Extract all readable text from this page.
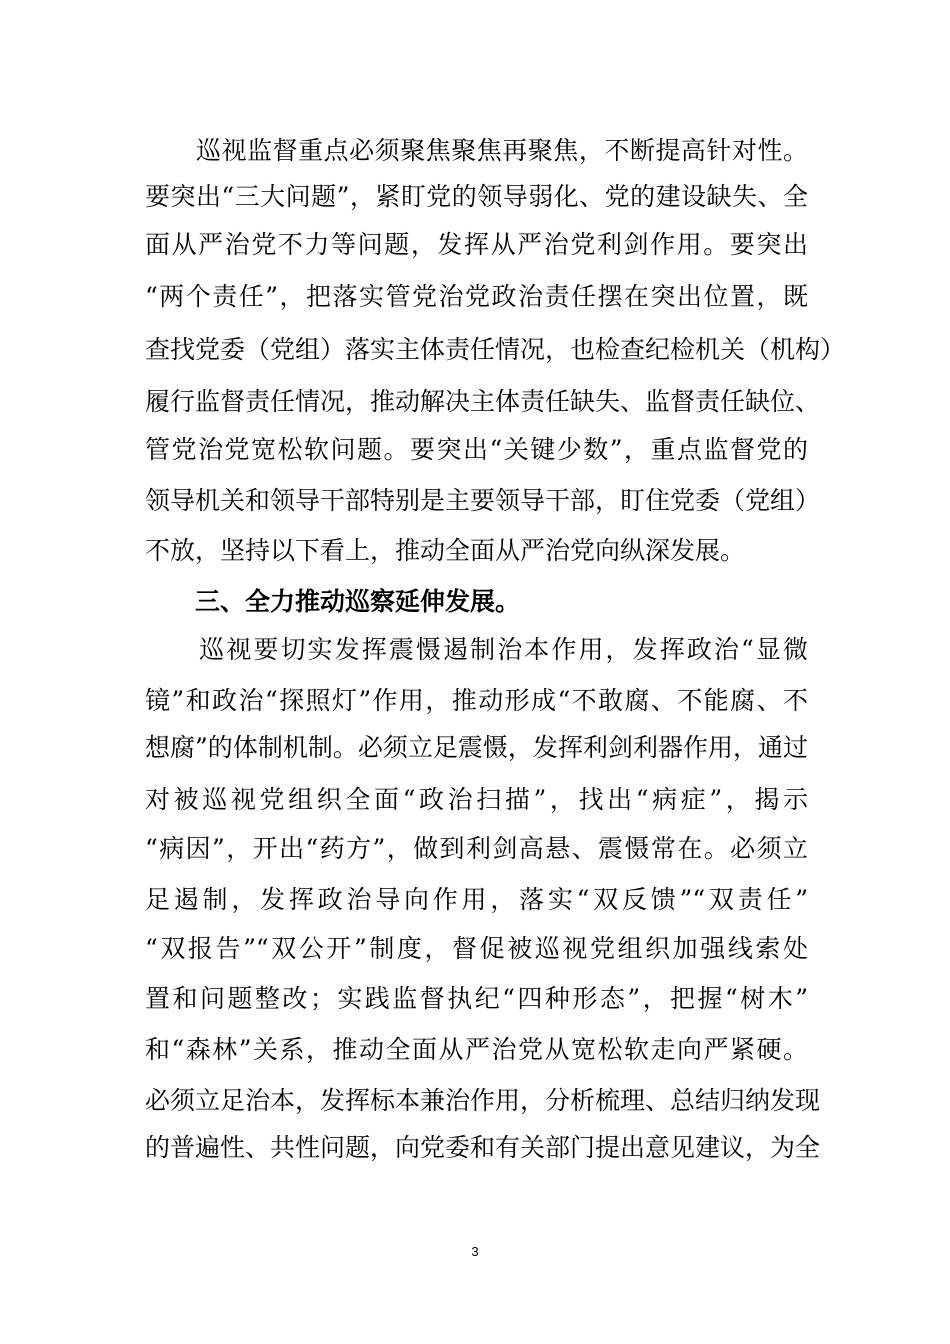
　　巡视监督重点必须聚焦聚焦再聚焦，不断提高针对性。
要突出“三大问题”，紧盯党的领导弱化、党的建设缺失、全
面从严治党不力等问题，发挥从严治党利剑作用。要突出
“两个责任”，把落实管党治党政治责任摆在突出位置，既
查找党委（党组）落实主体责任情况，也检查纪检机关（机构）
履行监督责任情况，推动解决主体责任缺失、监督责任缺位、
管党治党宽松软问题。要突出“关键少数”，重点监督党的
领导机关和领导干部特别是主要领导干部，盯住党委（党组）
不放，坚持以下看上，推动全面从严治党向纵深发展。
　　三、全力推动巡察延伸发展。
　　巡视要切实发挥震慑遏制治本作用，发挥政治“显微
镜”和政治“探照灯”作用，推动形成“不敢腐、不能腐、不
想腐”的体制机制。必须立足震慑，发挥利剑利器作用，通过
对被巡视党组织全面“政治扫描”，找出“病症”，揭示
“病因”，开出“药方”，做到利剑高悬、震慑常在。必须立
足遏制，发挥政治导向作用，落实“双反馈”“双责任”
“双报告”“双公开”制度，督促被巡视党组织加强线索处
置和问题整改；实践监督执纪“四种形态”，把握“树木”
和“森林”关系，推动全面从严治党从宽松软走向严紧硬。
必须立足治本，发挥标本兼治作用，分析梳理、总结归纳发现
的普遍性、共性问题，向党委和有关部门提出意见建议，为全
3
